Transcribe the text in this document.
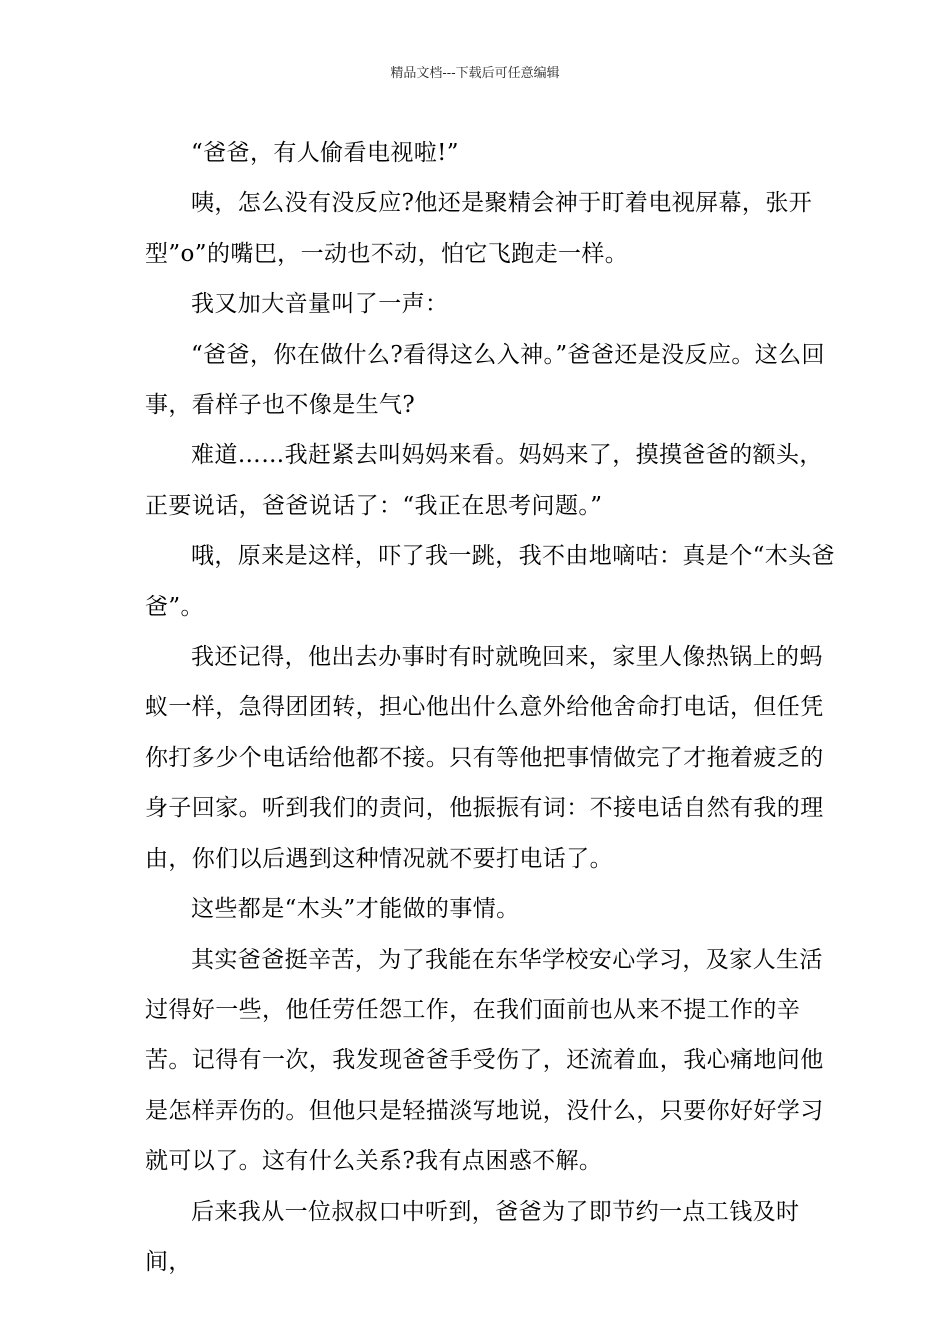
精品文档---下载后可任意编辑

“爸爸，有人偷看电视啦!”

咦，怎么没有没反应?他还是聚精会神于盯着电视屏幕，张开型”o”的嘴巴，一动也不动，怕它飞跑走一样。

我又加大音量叫了一声：

“爸爸，你在做什么?看得这么入神。”爸爸还是没反应。这么回事，看样子也不像是生气?

难道……我赶紧去叫妈妈来看。妈妈来了，摸摸爸爸的额头，正要说话，爸爸说话了：“我正在思考问题。”

哦，原来是这样，吓了我一跳，我不由地嘀咕：真是个“木头爸爸”。

我还记得，他出去办事时有时就晚回来，家里人像热锅上的蚂蚁一样，急得团团转，担心他出什么意外给他舍命打电话，但任凭你打多少个电话给他都不接。只有等他把事情做完了才拖着疲乏的身子回家。听到我们的责问，他振振有词：不接电话自然有我的理由，你们以后遇到这种情况就不要打电话了。

这些都是“木头”才能做的事情。

其实爸爸挺辛苦，为了我能在东华学校安心学习，及家人生活过得好一些，他任劳任怨工作，在我们面前也从来不提工作的辛苦。记得有一次，我发现爸爸手受伤了，还流着血，我心痛地问他是怎样弄伤的。但他只是轻描淡写地说，没什么，只要你好好学习就可以了。这有什么关系?我有点困惑不解。

后来我从一位叔叔口中听到，爸爸为了即节约一点工钱及时间，
